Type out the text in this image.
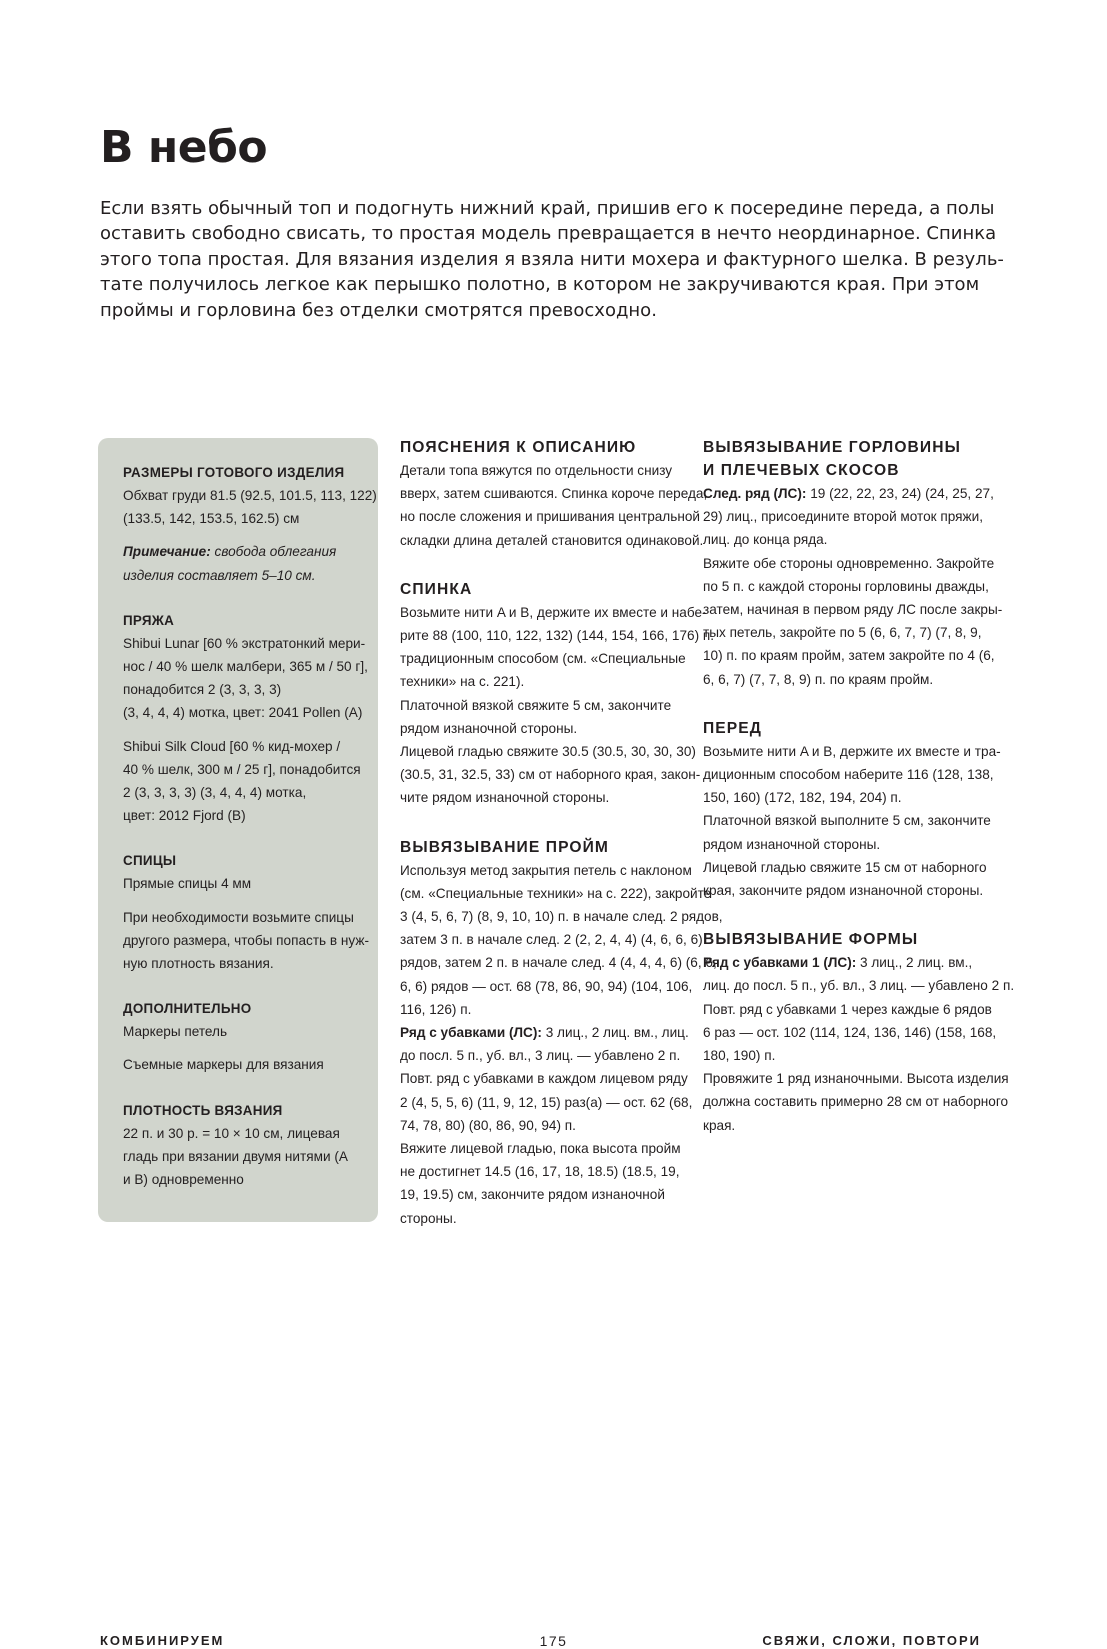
В небо
Если взять обычный топ и подогнуть нижний край, пришив его к посередине переда, а полы
оставить свободно свисать, то простая модель превращается в нечто неординарное. Спинка
этого топа простая. Для вязания изделия я взяла нити мохера и фактурного шелка. В резуль-
тате получилось легкое как перышко полотно, в котором не закручиваются края. При этом
проймы и горловина без отделки смотрятся превосходно.
РАЗМЕРЫ ГОТОВОГО ИЗДЕЛИЯ
Обхват груди 81.5 (92.5, 101.5, 113, 122)
(133.5, 142, 153.5, 162.5) см
Примечание: свобода облегания
изделия составляет 5–10 см.
ПРЯЖА
Shibui Lunar [60 % экстратонкий мери-
нос / 40 % шелк малбери, 365 м / 50 г],
понадобится 2 (3, 3, 3, 3)
(3, 4, 4, 4) мотка, цвет: 2041 Pollen (A)
Shibui Silk Cloud [60 % кид-мохер /
40 % шелк, 300 м / 25 г], понадобится
2 (3, 3, 3, 3) (3, 4, 4, 4) мотка,
цвет: 2012 Fjord (B)
СПИЦЫ
Прямые спицы 4 мм
При необходимости возьмите спицы
другого размера, чтобы попасть в нуж-
ную плотность вязания.
ДОПОЛНИТЕЛЬНО
Маркеры петель
Съемные маркеры для вязания
ПЛОТНОСТЬ ВЯЗАНИЯ
22 п. и 30 р. = 10 × 10 см, лицевая
гладь при вязании двумя нитями (A
и B) одновременно
ПОЯСНЕНИЯ К ОПИСАНИЮ
Детали топа вяжутся по отдельности снизу
вверх, затем сшиваются. Спинка короче переда,
но после сложения и пришивания центральной
складки длина деталей становится одинаковой.
СПИНКА
Возьмите нити A и B, держите их вместе и набе-
рите 88 (100, 110, 122, 132) (144, 154, 166, 176) п.
традиционным способом (см. «Специальные
техники» на с. 221).
Платочной вязкой свяжите 5 см, закончите
рядом изнаночной стороны.
Лицевой гладью свяжите 30.5 (30.5, 30, 30, 30)
(30.5, 31, 32.5, 33) см от наборного края, закон-
чите рядом изнаночной стороны.
ВЫВЯЗЫВАНИЕ ПРОЙМ
Используя метод закрытия петель с наклоном
(см. «Специальные техники» на с. 222), закройте
3 (4, 5, 6, 7) (8, 9, 10, 10) п. в начале след. 2 рядов,
затем 3 п. в начале след. 2 (2, 2, 4, 4) (4, 6, 6, 6)
рядов, затем 2 п. в начале след. 4 (4, 4, 4, 6) (6, 6,
6, 6) рядов — ост. 68 (78, 86, 90, 94) (104, 106,
116, 126) п.
Ряд с убавками (ЛС): 3 лиц., 2 лиц. вм., лиц.
до посл. 5 п., уб. вл., 3 лиц. — убавлено 2 п.
Повт. ряд с убавками в каждом лицевом ряду
2 (4, 5, 5, 6) (11, 9, 12, 15) раз(а) — ост. 62 (68,
74, 78, 80) (80, 86, 90, 94) п.
Вяжите лицевой гладью, пока высота пройм
не достигнет 14.5 (16, 17, 18, 18.5) (18.5, 19,
19, 19.5) см, закончите рядом изнаночной
стороны.
ВЫВЯЗЫВАНИЕ ГОРЛОВИНЫ
И ПЛЕЧЕВЫХ СКОСОВ
След. ряд (ЛС): 19 (22, 22, 23, 24) (24, 25, 27,
29) лиц., присоедините второй моток пряжи,
лиц. до конца ряда.
Вяжите обе стороны одновременно. Закройте
по 5 п. с каждой стороны горловины дважды,
затем, начиная в первом ряду ЛС после закры-
тых петель, закройте по 5 (6, 6, 7, 7) (7, 8, 9,
10) п. по краям пройм, затем закройте по 4 (6,
6, 6, 7) (7, 7, 8, 9) п. по краям пройм.
ПЕРЕД
Возьмите нити A и B, держите их вместе и тра-
диционным способом наберите 116 (128, 138,
150, 160) (172, 182, 194, 204) п.
Платочной вязкой выполните 5 см, закончите
рядом изнаночной стороны.
Лицевой гладью свяжите 15 см от наборного
края, закончите рядом изнаночной стороны.
ВЫВЯЗЫВАНИЕ ФОРМЫ
Ряд с убавками 1 (ЛС): 3 лиц., 2 лиц. вм.,
лиц. до посл. 5 п., уб. вл., 3 лиц. — убавлено 2 п.
Повт. ряд с убавками 1 через каждые 6 рядов
6 раз — ост. 102 (114, 124, 136, 146) (158, 168,
180, 190) п.
Провяжите 1 ряд изнаночными. Высота изделия
должна составить примерно 28 см от наборного
края.
КОМБИНИРУЕМ	175	СВЯЖИ, СЛОЖИ, ПОВТОРИ
